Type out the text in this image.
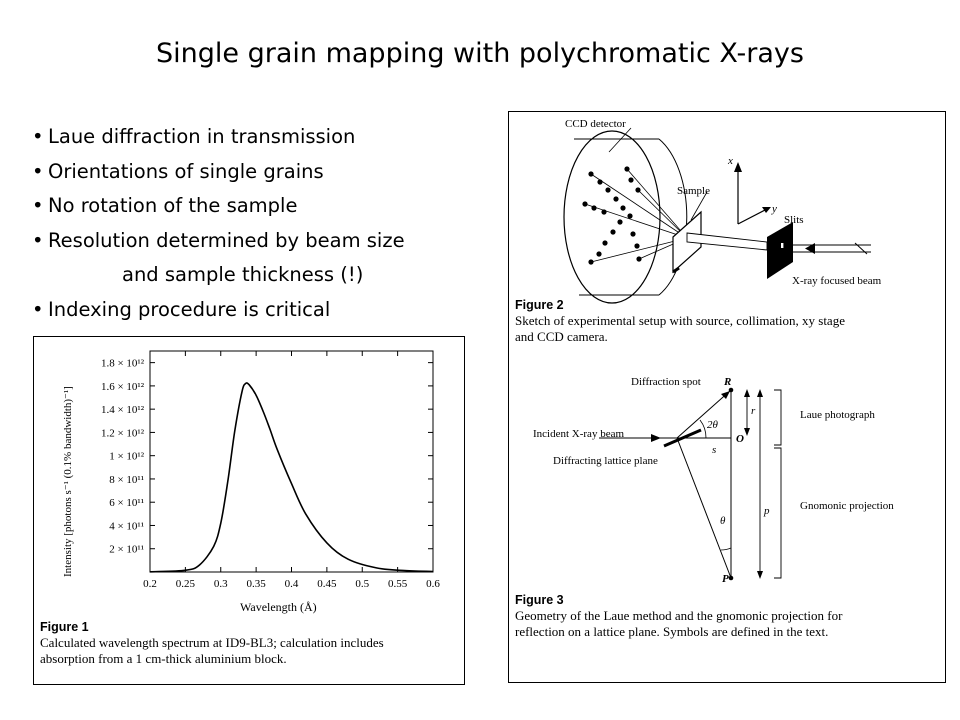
Single grain mapping with polychromatic X-rays
• Laue diffraction in transmission
• Orientations of single grains
• No rotation of the sample
• Resolution determined by beam size
and sample thickness (!)
• Indexing procedure is critical
2 × 10¹¹
4 × 10¹¹
6 × 10¹¹
8 × 10¹¹
1 × 10¹²
1.2 × 10¹²
1.4 × 10¹²
1.6 × 10¹²
1.8 × 10¹²
0.2 0.25 0.3 0.35 0.4 0.45 0.5 0.55 0.6
Wavelength (Å)
Intensity [photons s⁻¹ (0.1% bandwidth)⁻¹]
Figure 1
Calculated wavelength spectrum at ID9-BL3; calculation includes
absorption from a 1 cm-thick aluminium block.
CCD detector
Sample
Slits
X-ray focused beam
x
y
Figure 2
Sketch of experimental setup with source, collimation, xy stage
and CCD camera.
Diffraction spot
Incident X-ray beam
Diffracting lattice plane
Laue photograph
Gnomonic projection
R
O
P
r
s
p
2θ
θ
Figure 3
Geometry of the Laue method and the gnomonic projection for
reflection on a lattice plane. Symbols are defined in the text.
